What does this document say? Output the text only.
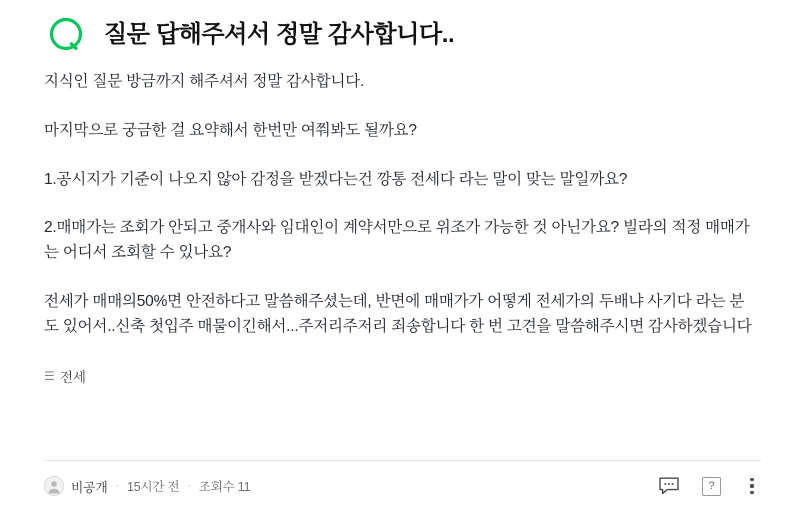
질문 답해주셔서 정말 감사합니다..

지식인 질문 방금까지 해주셔서 정말 감사합니다.

마지막으로 궁금한 걸 요약해서 한번만 여쭤봐도 될까요?

1.공시지가 기준이 나오지 않아 감정을 받겠다는건 깡통 전세다 라는 말이 맞는 말일까요?

2.매매가는 조회가 안되고 중개사와 임대인이 계약서만으로 위조가 가능한 것 아닌가요? 빌라의 적정 매매가는 어디서 조회할 수 있나요?

전세가 매매의50%면 안전하다고 말씀해주셨는데, 반면에 매매가가 어떻게 전세가의 두배냐 사기다 라는 분도 있어서..신축 첫입주 매물이긴해서...주저리주저리 죄송합니다 한 번 고견을 말씀해주시면 감사하겠습니다

☰ 전세
비공개 · 15시간 전 · 조회수 11	?
